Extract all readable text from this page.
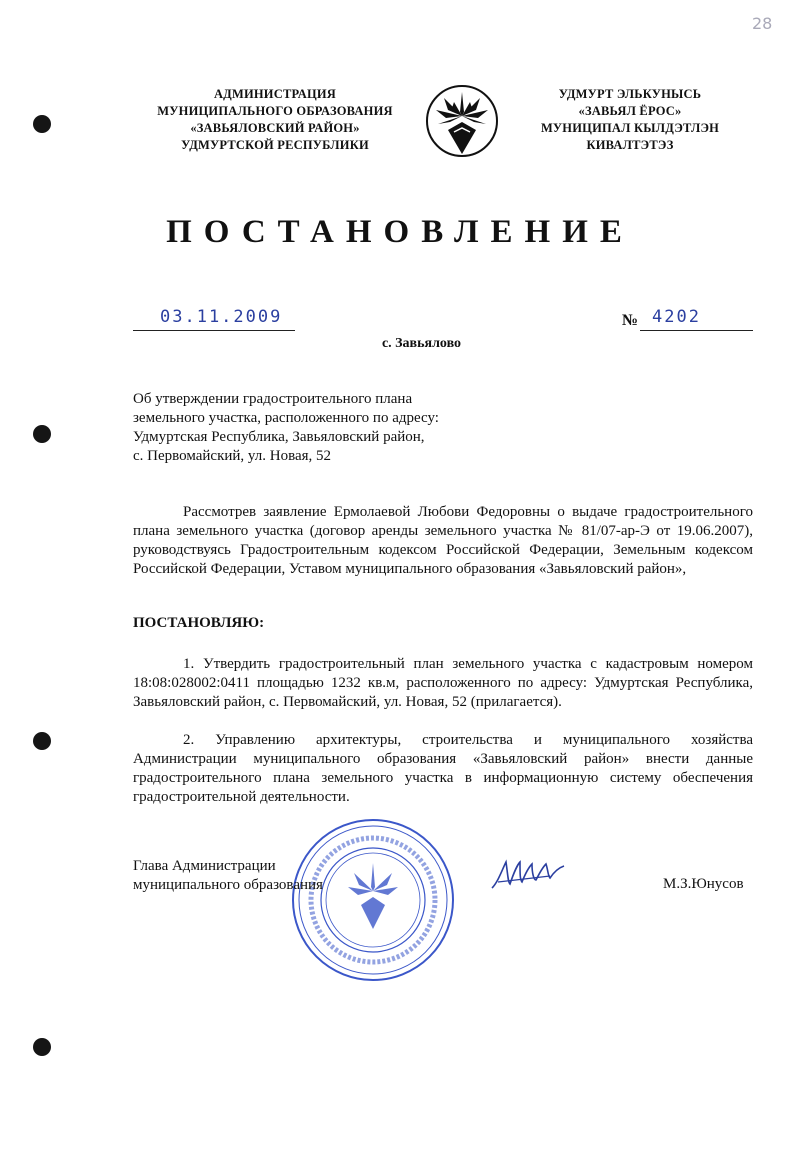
28
АДМИНИСТРАЦИЯ
МУНИЦИПАЛЬНОГО ОБРАЗОВАНИЯ
«ЗАВЬЯЛОВСКИЙ РАЙОН»
УДМУРТСКОЙ РЕСПУБЛИКИ
УДМУРТ ЭЛЬКУНЫСЬ
«ЗАВЬЯЛ ЁРОС»
МУНИЦИПАЛ КЫЛДЭТЛЭН
КИВАЛТЭТЭЗ
ПОСТАНОВЛЕНИЕ
03.11.2009	№ 4202
с. Завьялово
Об утверждении градостроительного плана
земельного участка, расположенного по адресу:
Удмуртская Республика, Завьяловский район,
с. Первомайский, ул. Новая, 52
Рассмотрев заявление Ермолаевой Любови Федоровны о выдаче градостроительного плана земельного участка (договор аренды земельного участка № 81/07-ар-Э от 19.06.2007), руководствуясь Градостроительным кодексом Российской Федерации, Земельным кодексом Российской Федерации, Уставом муниципального образования «Завьяловский район»,
ПОСТАНОВЛЯЮ:
1. Утвердить градостроительный план земельного участка с кадастровым номером 18:08:028002:0411 площадью 1232 кв.м, расположенного по адресу: Удмуртская Республика, Завьяловский район, с. Первомайский, ул. Новая, 52 (прилагается).
2. Управлению архитектуры, строительства и муниципального хозяйства Администрации муниципального образования «Завьяловский район» внести данные градостроительного плана земельного участка в информационную систему обеспечения градостроительной деятельности.
Глава Администрации
муниципального образования	М.З.Юнусов
